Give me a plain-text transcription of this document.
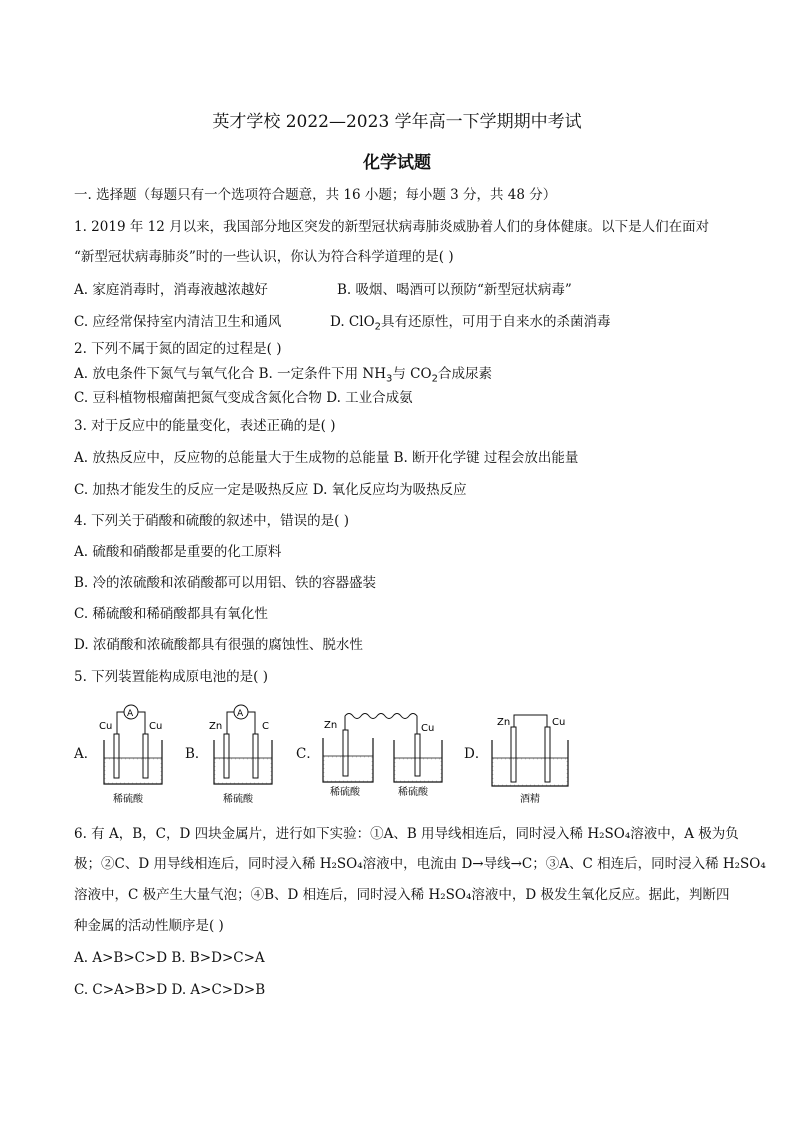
英才学校 2022—2023 学年高一下学期期中考试
化学试题
一. 选择题（每题只有一个选项符合题意，共 16 小题；每小题 3 分，共 48 分）
1. 2019 年 12 月以来，我国部分地区突发的新型冠状病毒肺炎威胁着人们的身体健康。以下是人们在面对
“新型冠状病毒肺炎”时的一些认识，你认为符合科学道理的是( )
A. 家庭消毒时，消毒液越浓越好	B. 吸烟、喝酒可以预防“新型冠状病毒”
C. 应经常保持室内清洁卫生和通风	D. ClO$_2$具有还原性，可用于自来水的杀菌消毒
2. 下列不属于氮的固定的过程是( )
A. 放电条件下氮气与氧气化合 B. 一定条件下用 $NH_3$与 $CO_2$合成尿素
C. 豆科植物根瘤菌把氮气变成含氮化合物 D. 工业合成氨
3. 对于反应中的能量变化，表述正确的是( )
A. 放热反应中，反应物的总能量大于生成物的总能量 B. 断开化学键 过程会放出能量
C. 加热才能发生的反应一定是吸热反应 D. 氧化反应均为吸热反应
4. 下列关于硝酸和硫酸的叙述中，错误的是( )
A. 硫酸和硝酸都是重要的化工原料
B. 冷的浓硫酸和浓硝酸都可以用铝、铁的容器盛装
C. 稀硫酸和稀硝酸都具有氧化性
D. 浓硝酸和浓硫酸都具有很强的腐蚀性、脱水性
5. 下列装置能构成原电池的是( )
A．
Cu	Cu
A
稀硫酸
B．
Zn	C
A
稀硫酸
C．
Zn	Cu
稀硫酸	稀硫酸
D．
Zn	Cu
酒精
6. 有 A，B，C，D 四块金属片，进行如下实验：①A、B 用导线相连后，同时浸入稀 H₂SO₄溶液中，A 极为负
极；②C、D 用导线相连后，同时浸入稀 H₂SO₄溶液中，电流由 D→导线→C；③A、C 相连后，同时浸入稀 H₂SO₄
溶液中，C 极产生大量气泡；④B、D 相连后，同时浸入稀 H₂SO₄溶液中，D 极发生氧化反应。据此，判断四
种金属的活动性顺序是( )
A. A>B>C>D B. B>D>C>A
C. C>A>B>D D. A>C>D>B
